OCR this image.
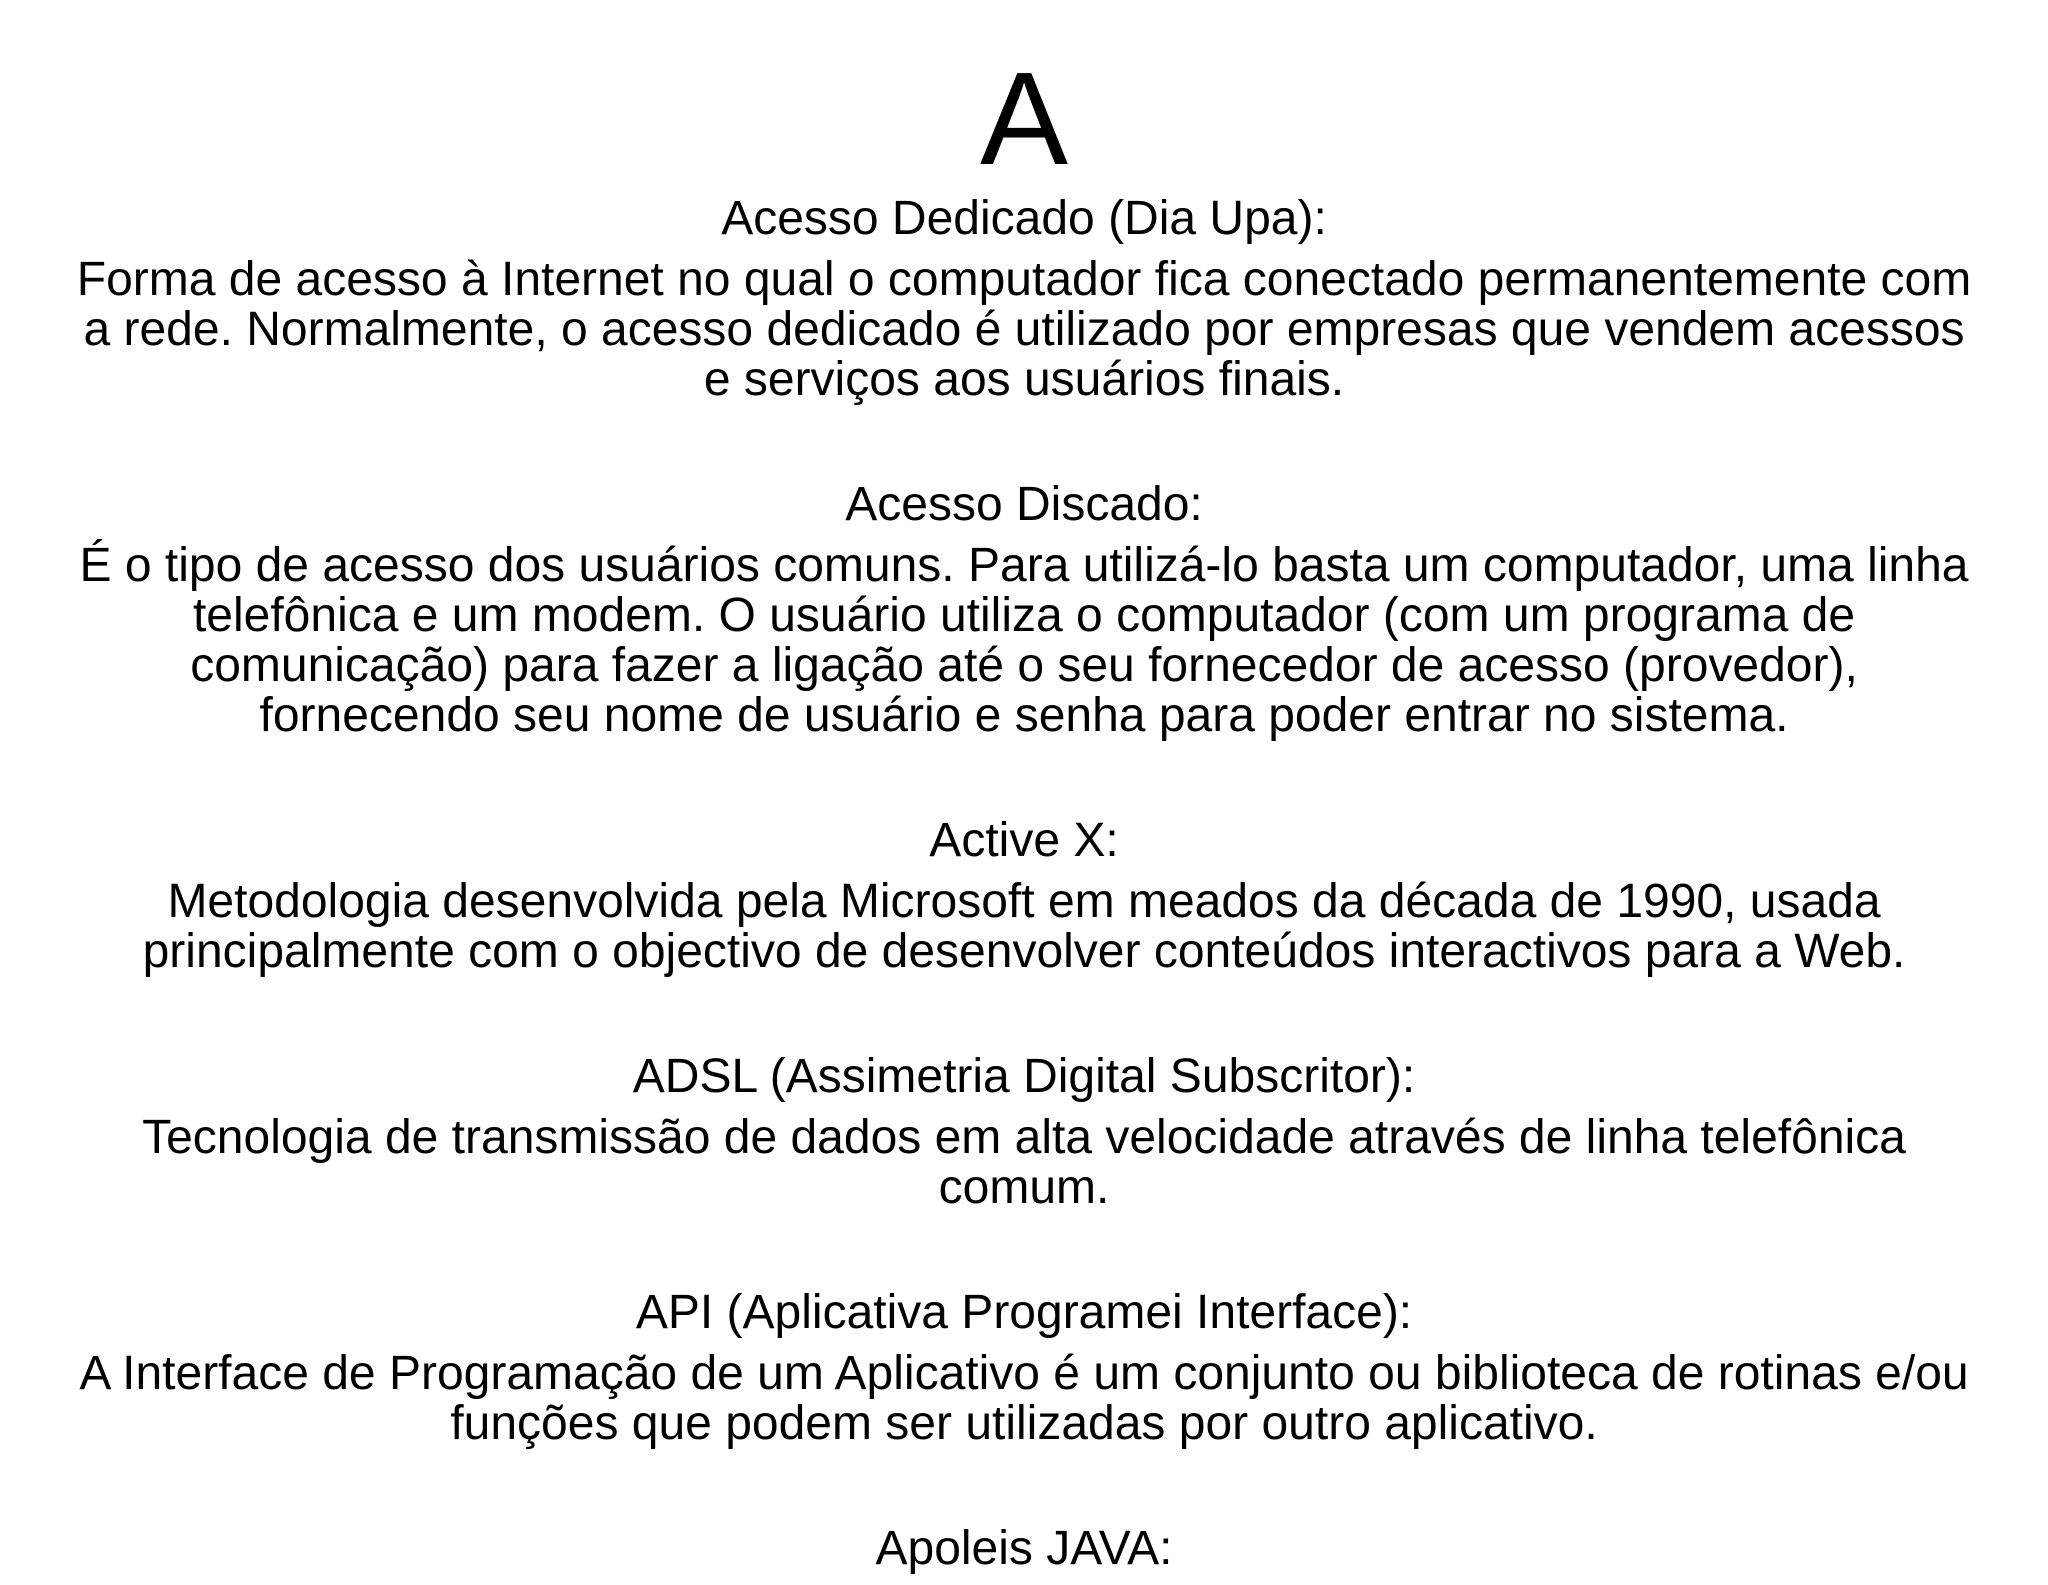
A
Acesso Dedicado (Dia Upa):

Forma de acesso à Internet no qual o computador fica conectado permanentemente com a rede. Normalmente, o acesso dedicado é utilizado por empresas que vendem acessos e serviços aos usuários finais.

Acesso Discado:

É o tipo de acesso dos usuários comuns. Para utilizá-lo basta um computador, uma linha telefônica e um modem. O usuário utiliza o computador (com um programa de comunicação) para fazer a ligação até o seu fornecedor de acesso (provedor), fornecendo seu nome de usuário e senha para poder entrar no sistema.

Active X:

Metodologia desenvolvida pela Microsoft em meados da década de 1990, usada principalmente com o objectivo de desenvolver conteúdos interactivos para a Web.

ADSL (Assimetria Digital Subscritor):

Tecnologia de transmissão de dados em alta velocidade através de linha telefônica comum.

API (Aplicativa Programei Interface):

A Interface de Programação de um Aplicativo é um conjunto ou biblioteca de rotinas e/ou funções que podem ser utilizadas por outro aplicativo.

Apoleis JAVA:
